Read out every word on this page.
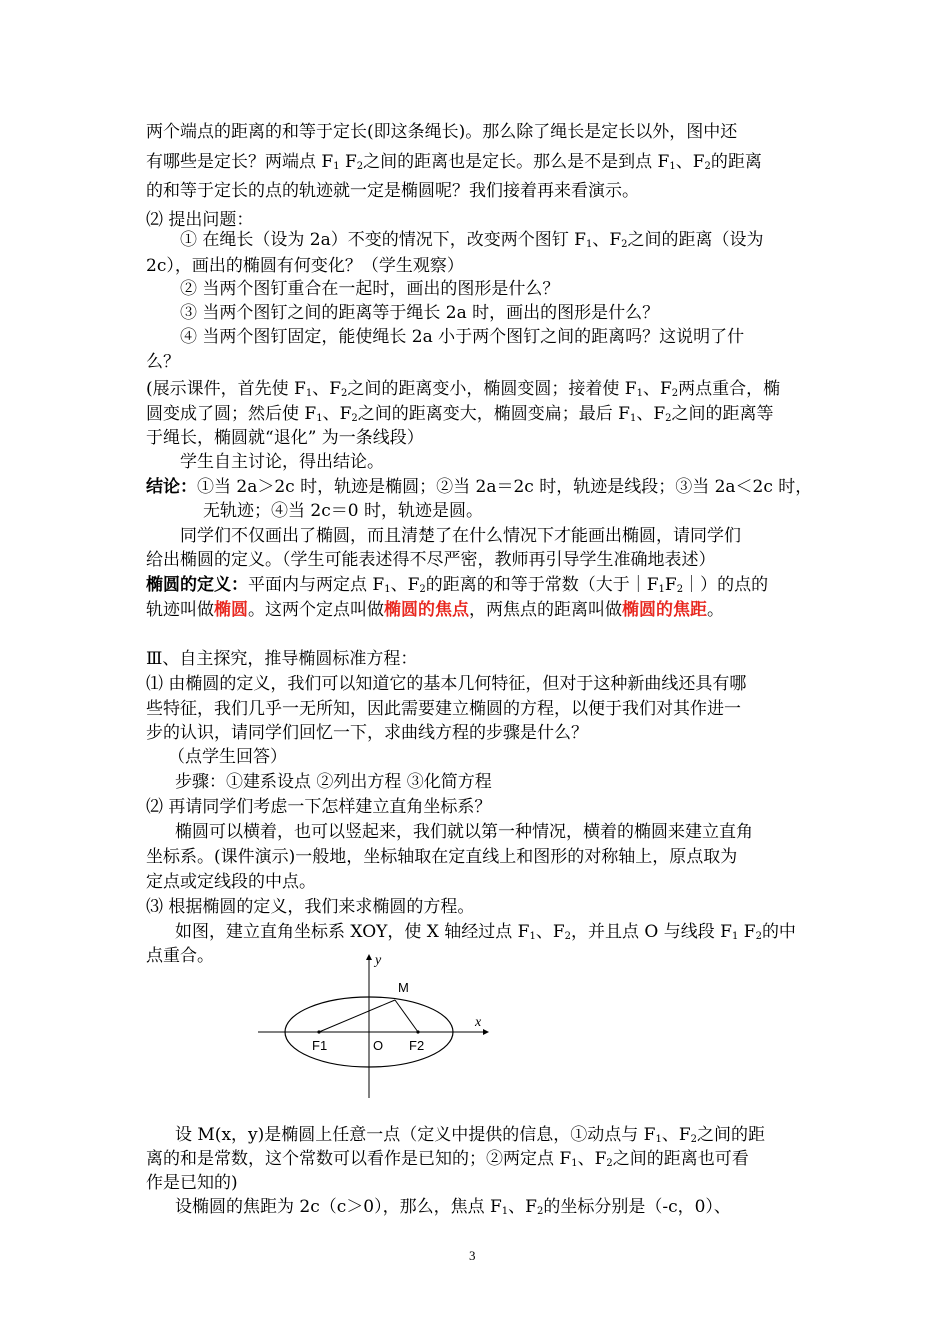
两个端点的距离的和等于定长(即这条绳长)。那么除了绳长是定长以外，图中还
有哪些是定长？两端点 $F_1$ $F_2$之间的距离也是定长。那么是不是到点 $F_1$、$F_2$的距离
的和等于定长的点的轨迹就一定是椭圆呢？我们接着再来看演示。
⑵ 提出问题：
① 在绳长（设为 2a）不变的情况下，改变两个图钉 $F_1$、$F_2$之间的距离（设为
2c），画出的椭圆有何变化？（学生观察）
② 当两个图钉重合在一起时，画出的图形是什么？
③ 当两个图钉之间的距离等于绳长 2a 时，画出的图形是什么？
④ 当两个图钉固定，能使绳长 2a 小于两个图钉之间的距离吗？这说明了什
么？
(展示课件，首先使 $F_1$、$F_2$之间的距离变小，椭圆变圆；接着使 $F_1$、$F_2$两点重合，椭
圆变成了圆；然后使 $F_1$、$F_2$之间的距离变大，椭圆变扁；最后 $F_1$、$F_2$之间的距离等
于绳长，椭圆就“退化” 为一条线段）
学生自主讨论，得出结论。
结论：①当 2a＞2c 时，轨迹是椭圆；②当 2a＝2c 时，轨迹是线段；③当 2a＜2c 时，
无轨迹；④当 2c＝0 时，轨迹是圆。
同学们不仅画出了椭圆，而且清楚了在什么情况下才能画出椭圆，请同学们
给出椭圆的定义。（学生可能表述得不尽严密，教师再引导学生准确地表述）
椭圆的定义：平面内与两定点 $F_1$、$F_2$的距离的和等于常数（大于$|F_1F_2|$）的点的
轨迹叫做椭圆。这两个定点叫做椭圆的焦点，两焦点的距离叫做椭圆的焦距。
Ⅲ、自主探究，推导椭圆标准方程：
⑴ 由椭圆的定义，我们可以知道它的基本几何特征，但对于这种新曲线还具有哪
些特征，我们几乎一无所知，因此需要建立椭圆的方程，以便于我们对其作进一
步的认识，请同学们回忆一下，求曲线方程的步骤是什么？
（点学生回答）
步骤：①建系设点 ②列出方程 ③化简方程
⑵ 再请同学们考虑一下怎样建立直角坐标系？
椭圆可以横着，也可以竖起来，我们就以第一种情况，横着的椭圆来建立直角
坐标系。(课件演示)一般地，坐标轴取在定直线上和图形的对称轴上，原点取为
定点或定线段的中点。
⑶ 根据椭圆的定义，我们来求椭圆的方程。
如图，建立直角坐标系 XOY，使 X 轴经过点 $F_1$、$F_2$，并且点 O 与线段 $F_1$ $F_2$的中
点重合。	y
x
M
F1	O F2
设 M(x，y)是椭圆上任意一点（定义中提供的信息，①动点与 $F_1$、$F_2$之间的距
离的和是常数，这个常数可以看作是已知的；②两定点 $F_1$、$F_2$之间的距离也可看
作是已知的)
设椭圆的焦距为 2c（c＞0），那么，焦点 $F_1$、$F_2$的坐标分别是（-c，0）、
3
